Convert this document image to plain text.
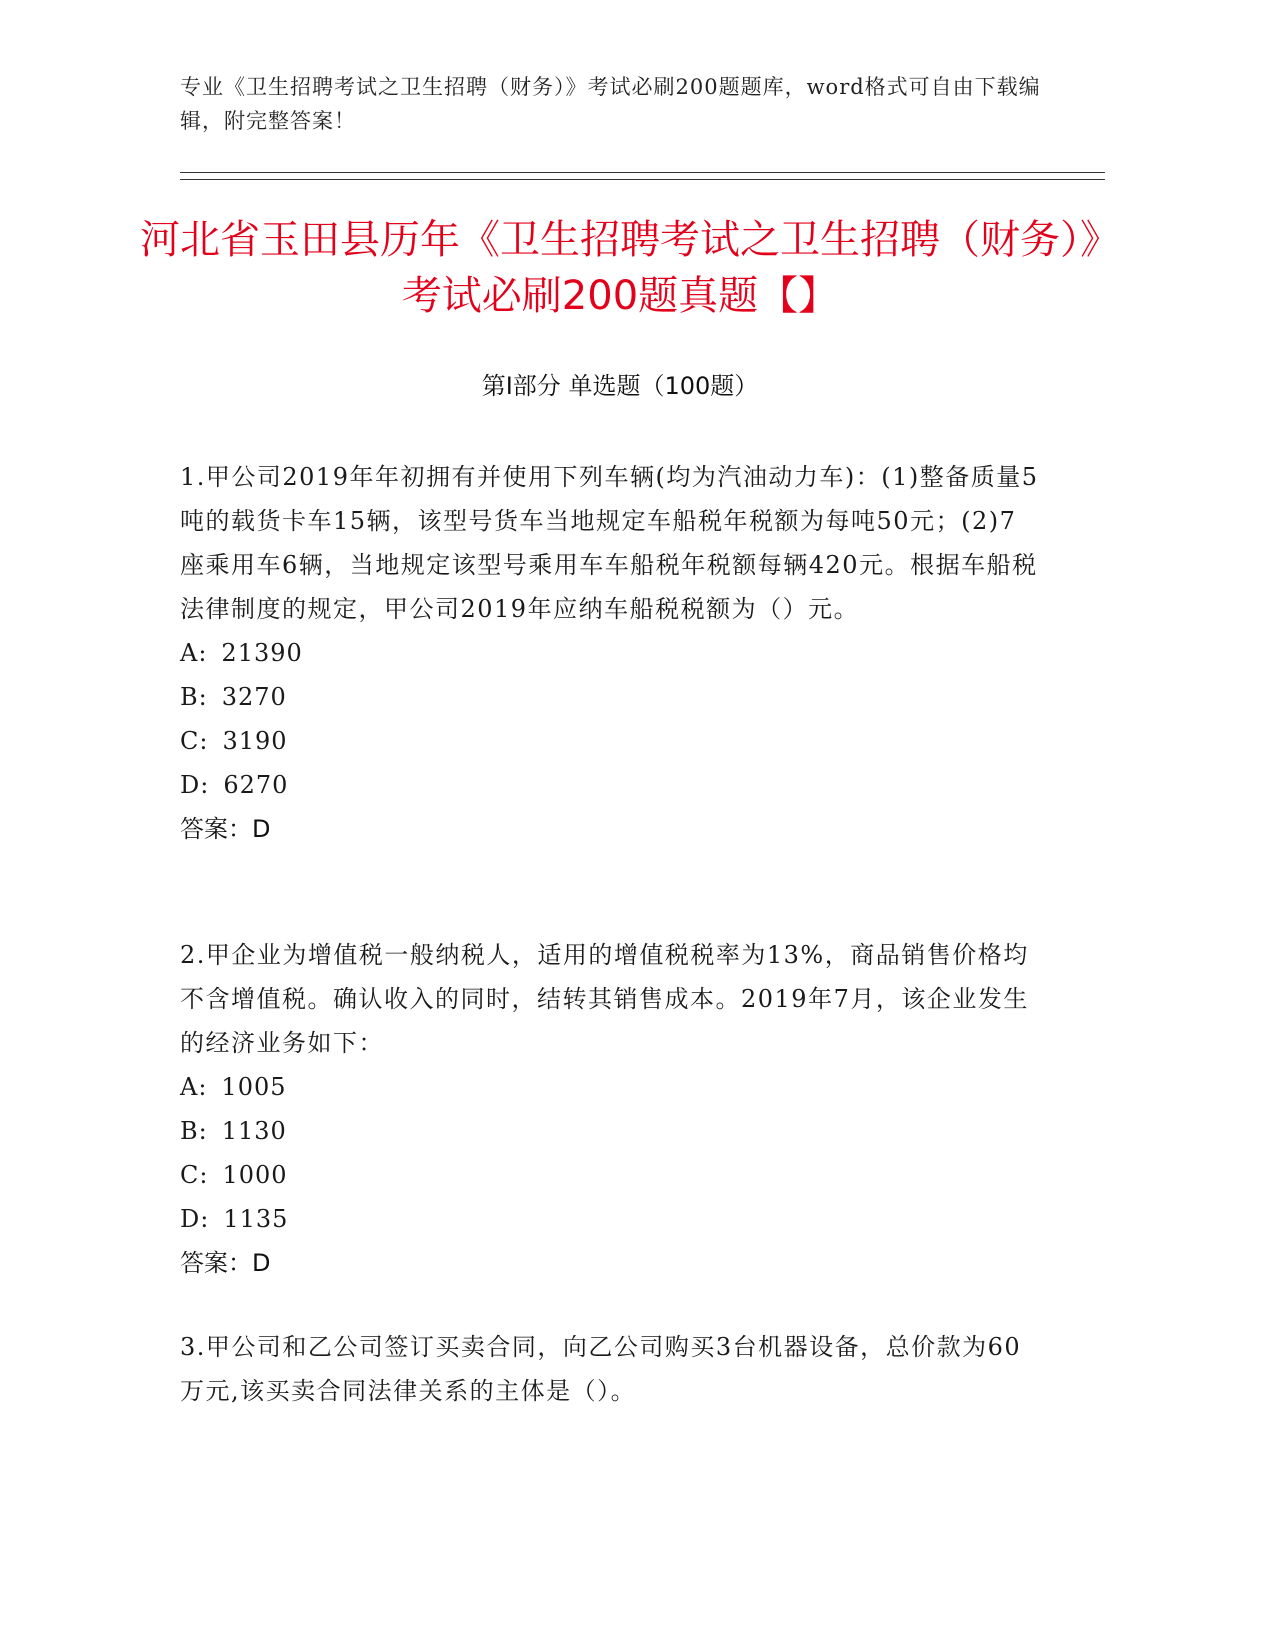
专业《卫生招聘考试之卫生招聘（财务）》考试必刷200题题库，word格式可自由下载编辑，附完整答案！
河北省玉田县历年《卫生招聘考试之卫生招聘（财务）》考试必刷200题真题【】
第Ⅰ部分 单选题（100题）

1.甲公司2019年年初拥有并使用下列车辆(均为汽油动力车)：(1)整备质量5吨的载货卡车15辆，该型号货车当地规定车船税年税额为每吨50元；(2)7座乘用车6辆，当地规定该型号乘用车车船税年税额每辆420元。根据车船税法律制度的规定，甲公司2019年应纳车船税税额为（）元。

A: 21390
B: 3270
C: 3190
D: 6270
答案：D

2.甲企业为增值税一般纳税人，适用的增值税税率为13%，商品销售价格均不含增值税。确认收入的同时，结转其销售成本。2019年7月，该企业发生的经济业务如下：

A: 1005
B: 1130
C: 1000
D: 1135
答案：D

3.甲公司和乙公司签订买卖合同，向乙公司购买3台机器设备，总价款为60万元,该买卖合同法律关系的主体是（）。
